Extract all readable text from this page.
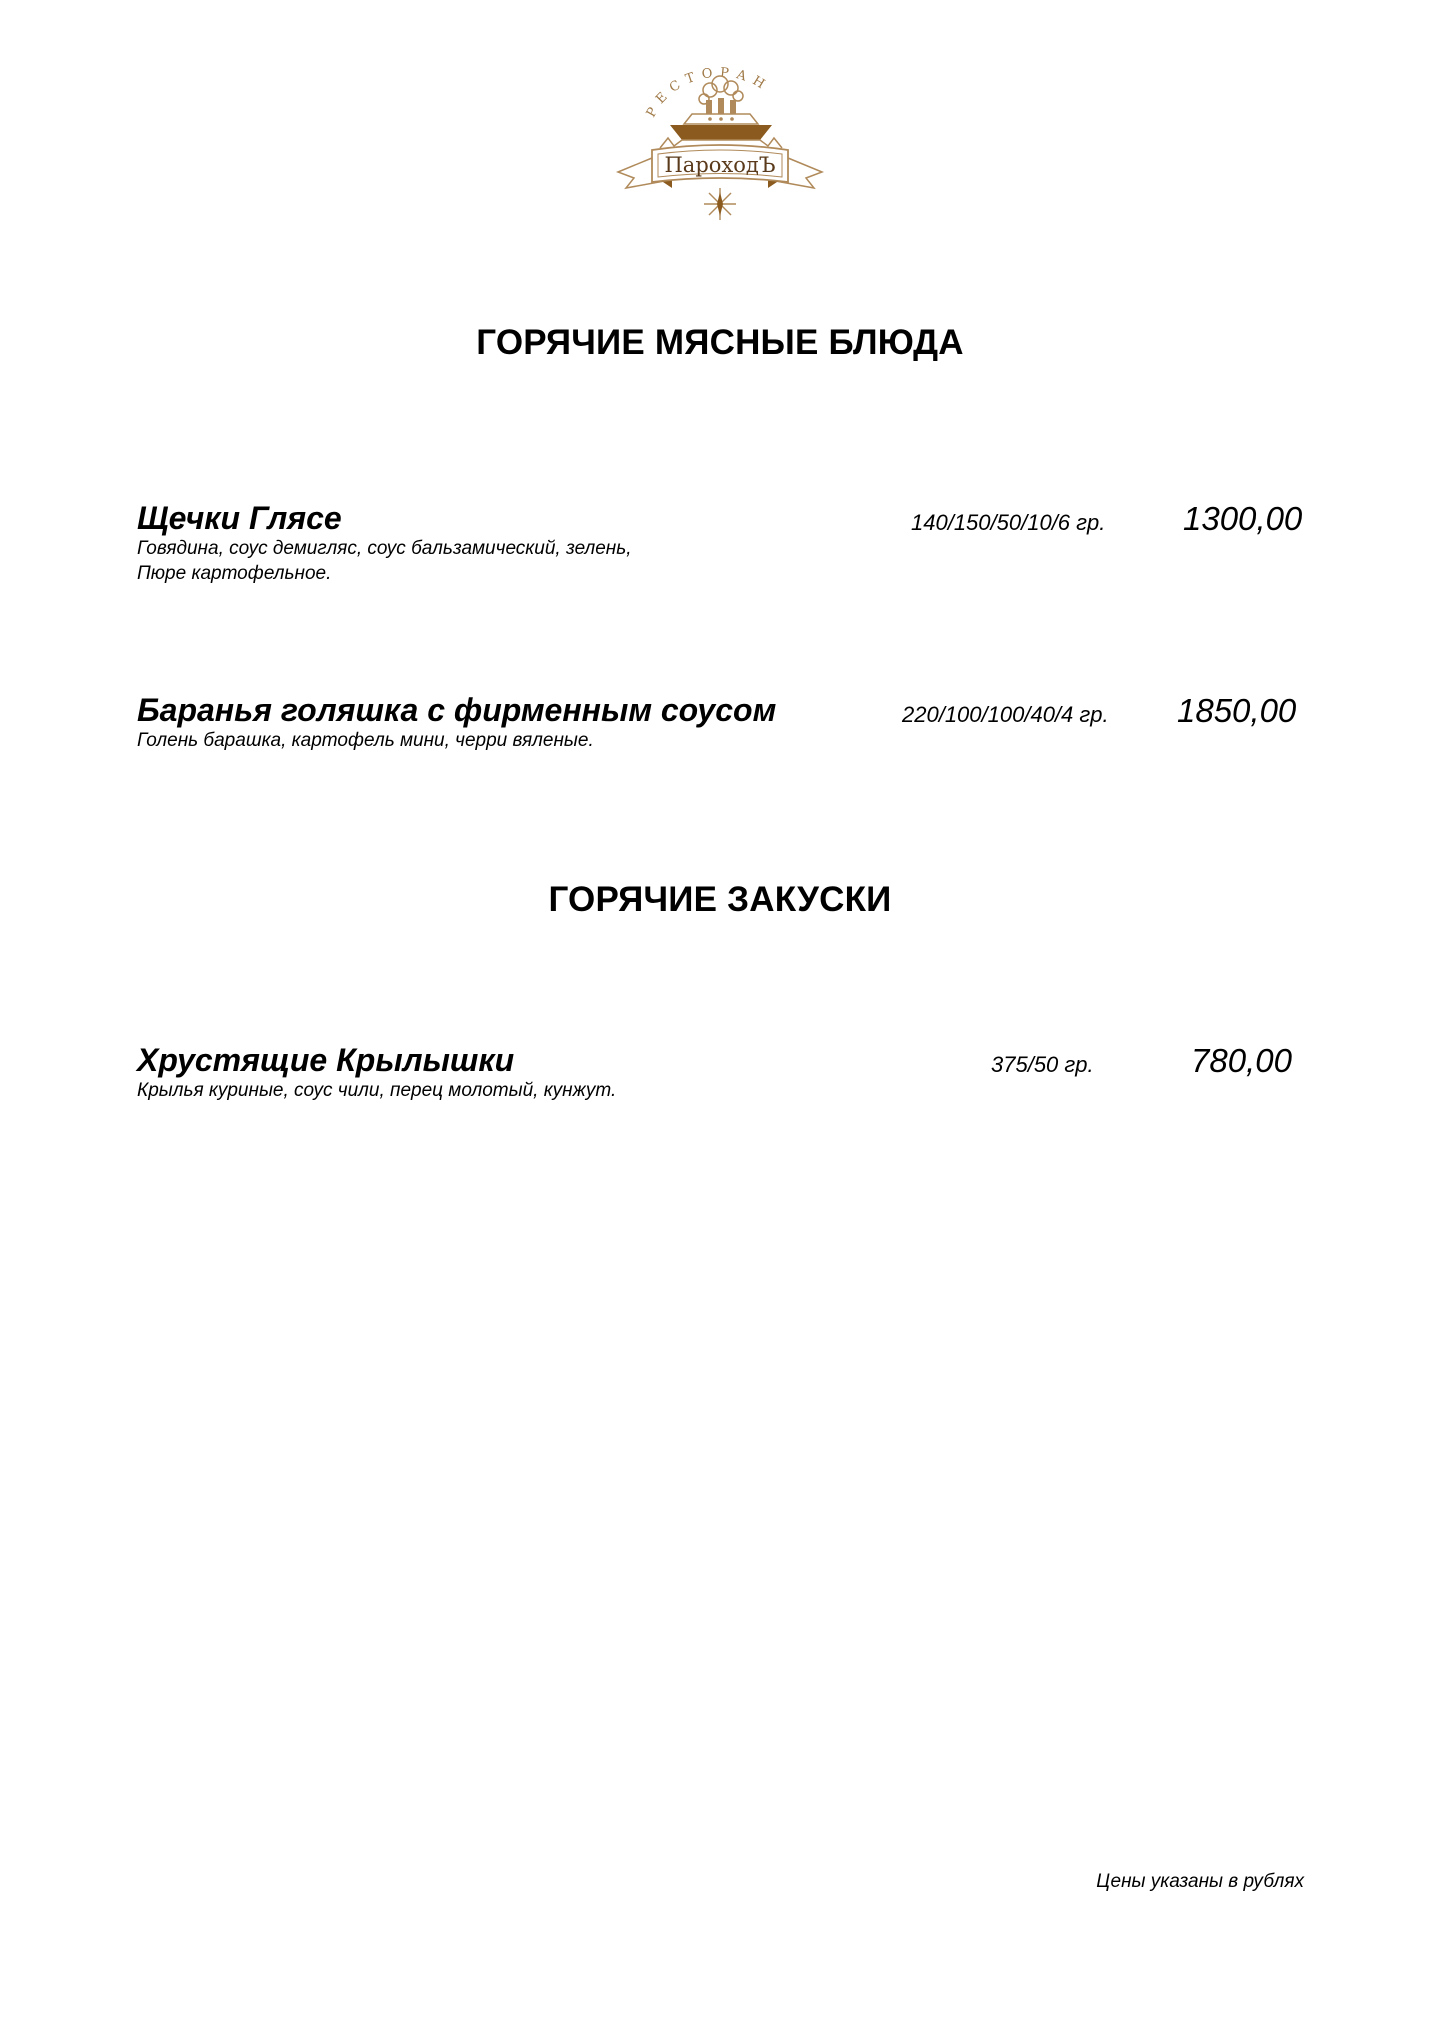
РЕСТОРАН
ПароходЪ
ГОРЯЧИЕ МЯСНЫЕ БЛЮДА
Щечки Глясе
Говядина, соус демигляс, соус бальзамический, зелень,
Пюре картофельное.
140/150/50/10/6 гр. 1300,00
Баранья голяшка с фирменным соусом
Голень барашка, картофель мини, черри вяленые.
220/100/100/40/4 гр. 1850,00
ГОРЯЧИЕ ЗАКУСКИ
Хрустящие Крылышки
Крылья куриные, соус чили, перец молотый, кунжут.
375/50 гр.	780,00
Цены указаны в рублях
